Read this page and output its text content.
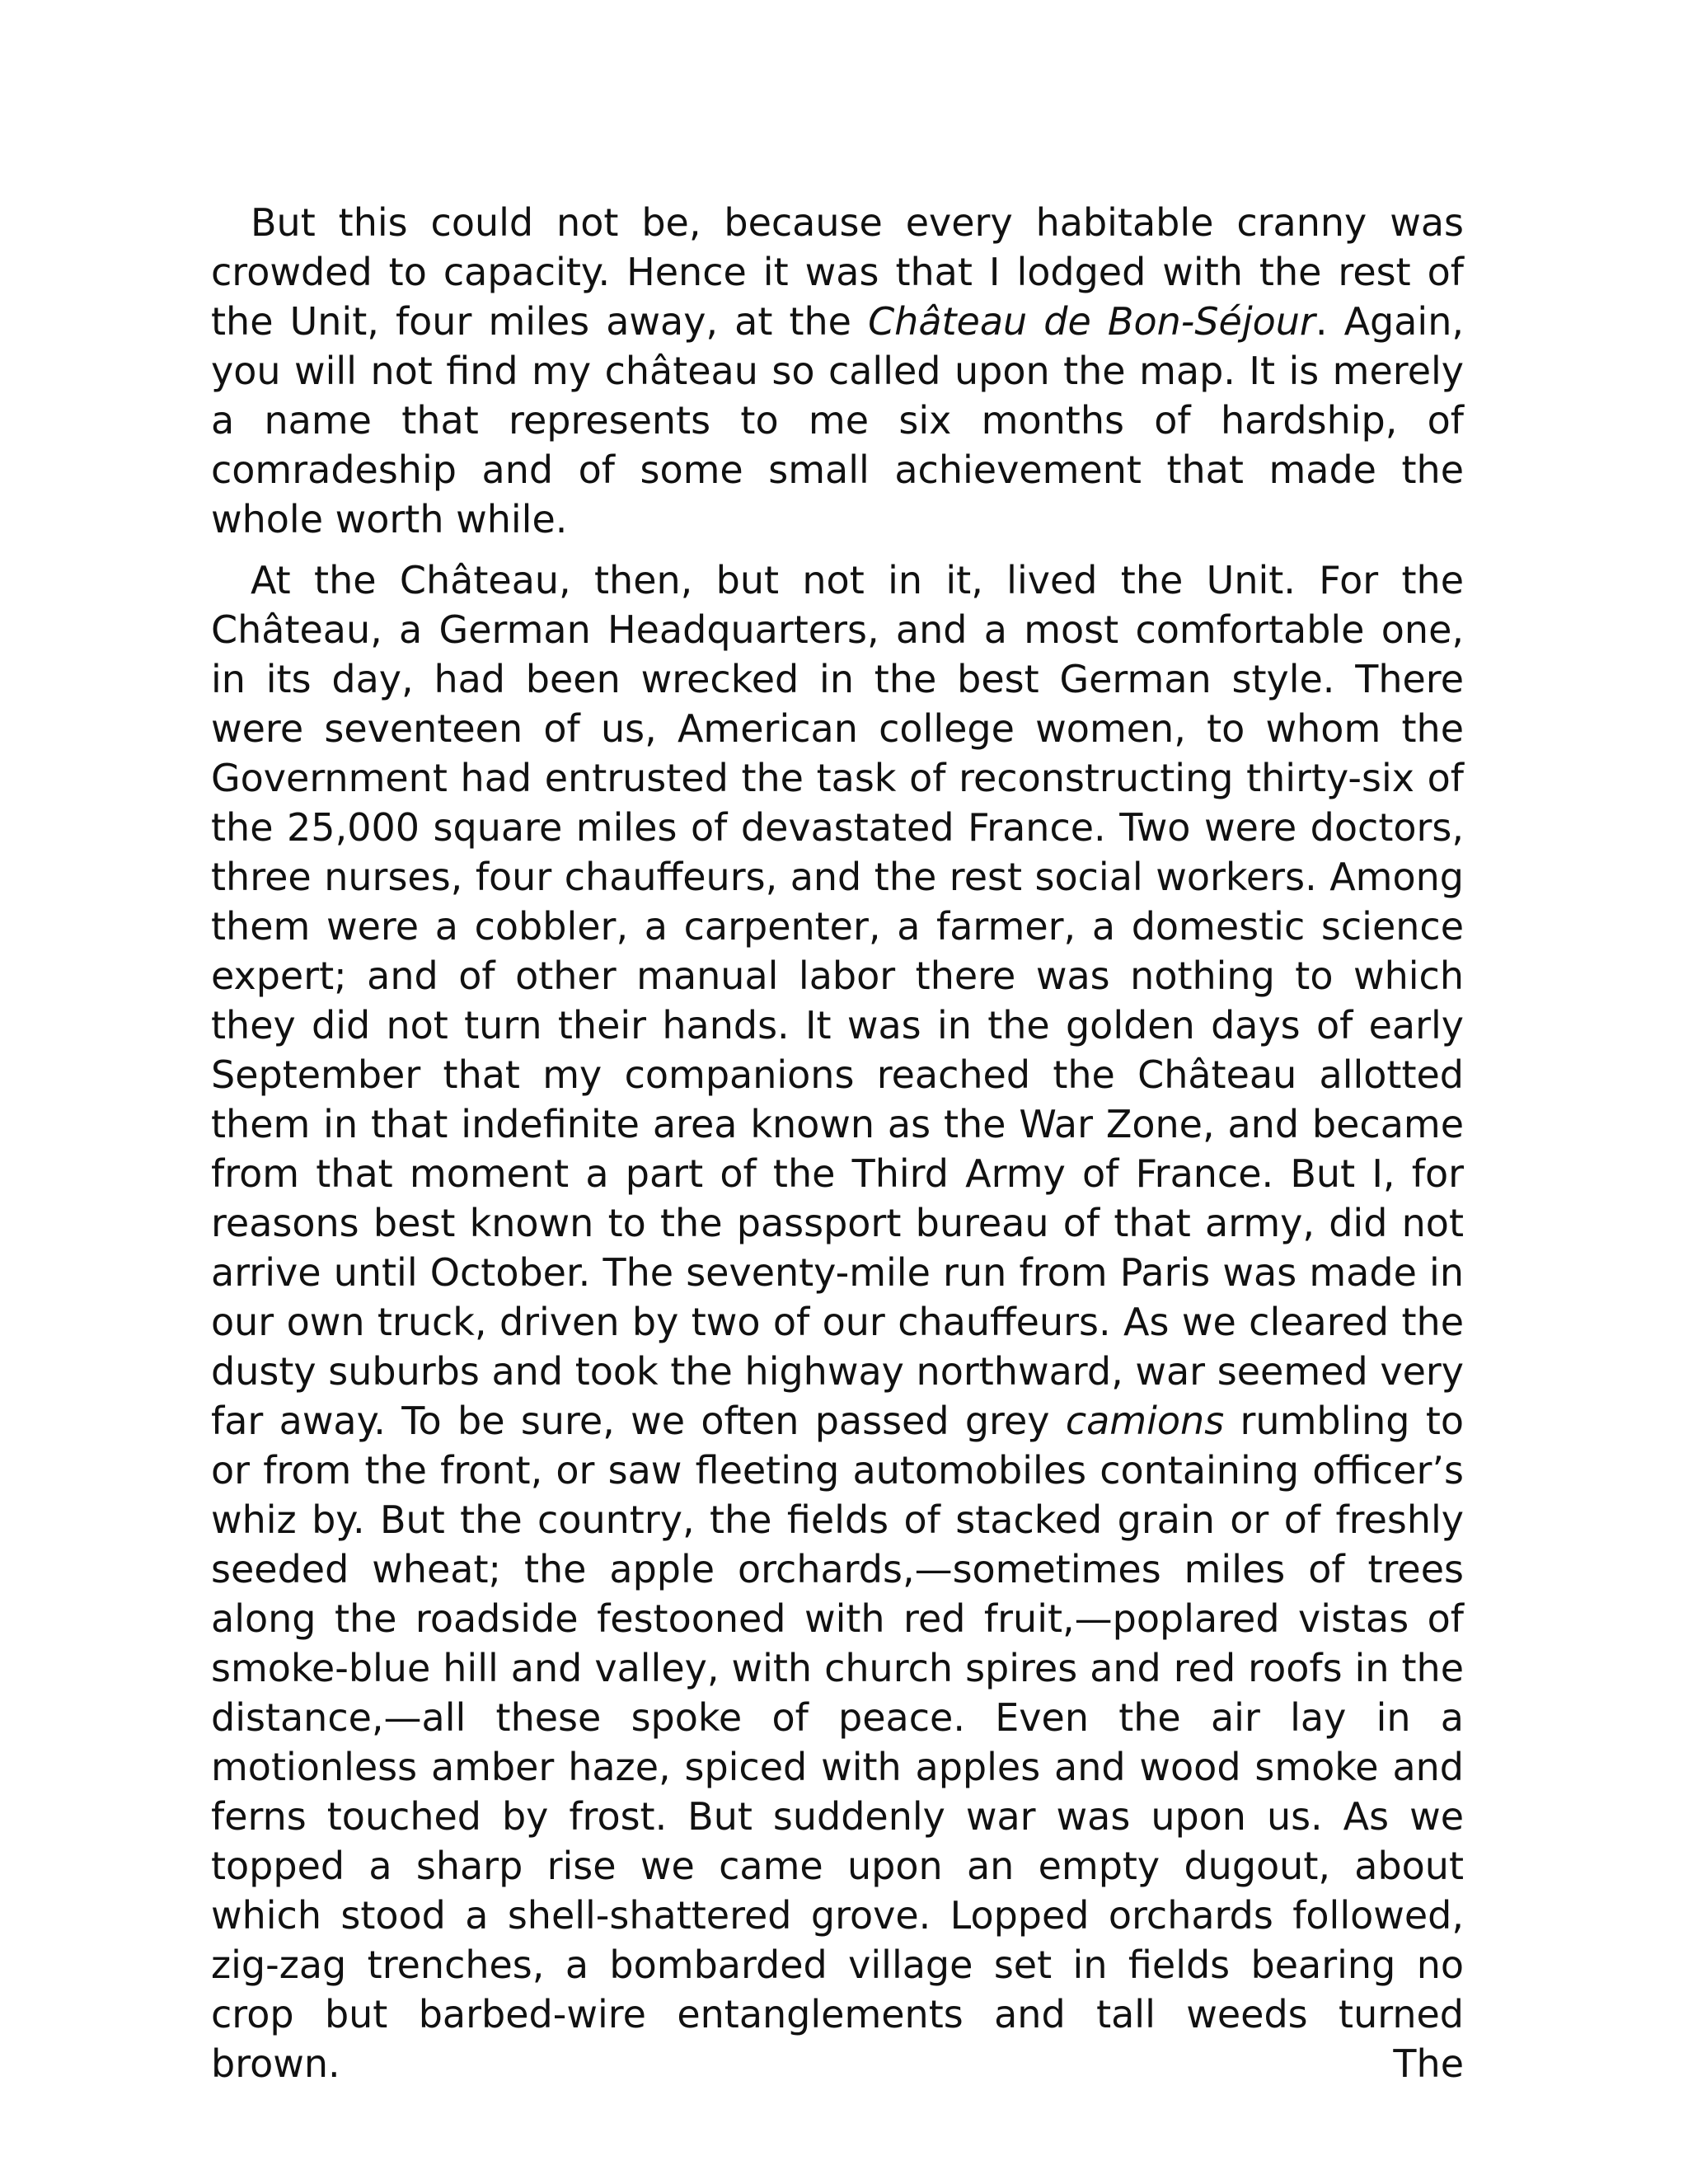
But this could not be, because every habitable cranny was crowded to capacity. Hence it was that I lodged with the rest of the Unit, four miles away, at the Château de Bon-Séjour. Again, you will not find my château so called upon the map. It is merely a name that represents to me six months of hardship, of comradeship and of some small achievement that made the whole worth while.

At the Château, then, but not in it, lived the Unit. For the Château, a German Headquarters, and a most comfortable one, in its day, had been wrecked in the best German style. There were seventeen of us, American college women, to whom the Government had entrusted the task of reconstructing thirty-six of the 25,000 square miles of devastated France. Two were doctors, three nurses, four chauffeurs, and the rest social workers. Among them were a cobbler, a carpenter, a farmer, a domestic science expert; and of other manual labor there was nothing to which they did not turn their hands. It was in the golden days of early September that my companions reached the Château allotted them in that indefinite area known as the War Zone, and became from that moment a part of the Third Army of France. But I, for reasons best known to the passport bureau of that army, did not arrive until October. The seventy-mile run from Paris was made in our own truck, driven by two of our chauffeurs. As we cleared the dusty suburbs and took the highway northward, war seemed very far away. To be sure, we often passed grey camions rumbling to or from the front, or saw fleeting automobiles containing officer’s whiz by. But the country, the fields of stacked grain or of freshly seeded wheat; the apple orchards,—sometimes miles of trees along the roadside festooned with red fruit,—poplared vistas of smoke-blue hill and valley, with church spires and red roofs in the distance,—all these spoke of peace. Even the air lay in a motionless amber haze, spiced with apples and wood smoke and ferns touched by frost. But suddenly war was upon us. As we topped a sharp rise we came upon an empty dugout, about which stood a shell-shattered grove. Lopped orchards followed, zig-zag trenches, a bombarded village set in fields bearing no crop but barbed-wire entanglements and tall weeds turned brown. The
